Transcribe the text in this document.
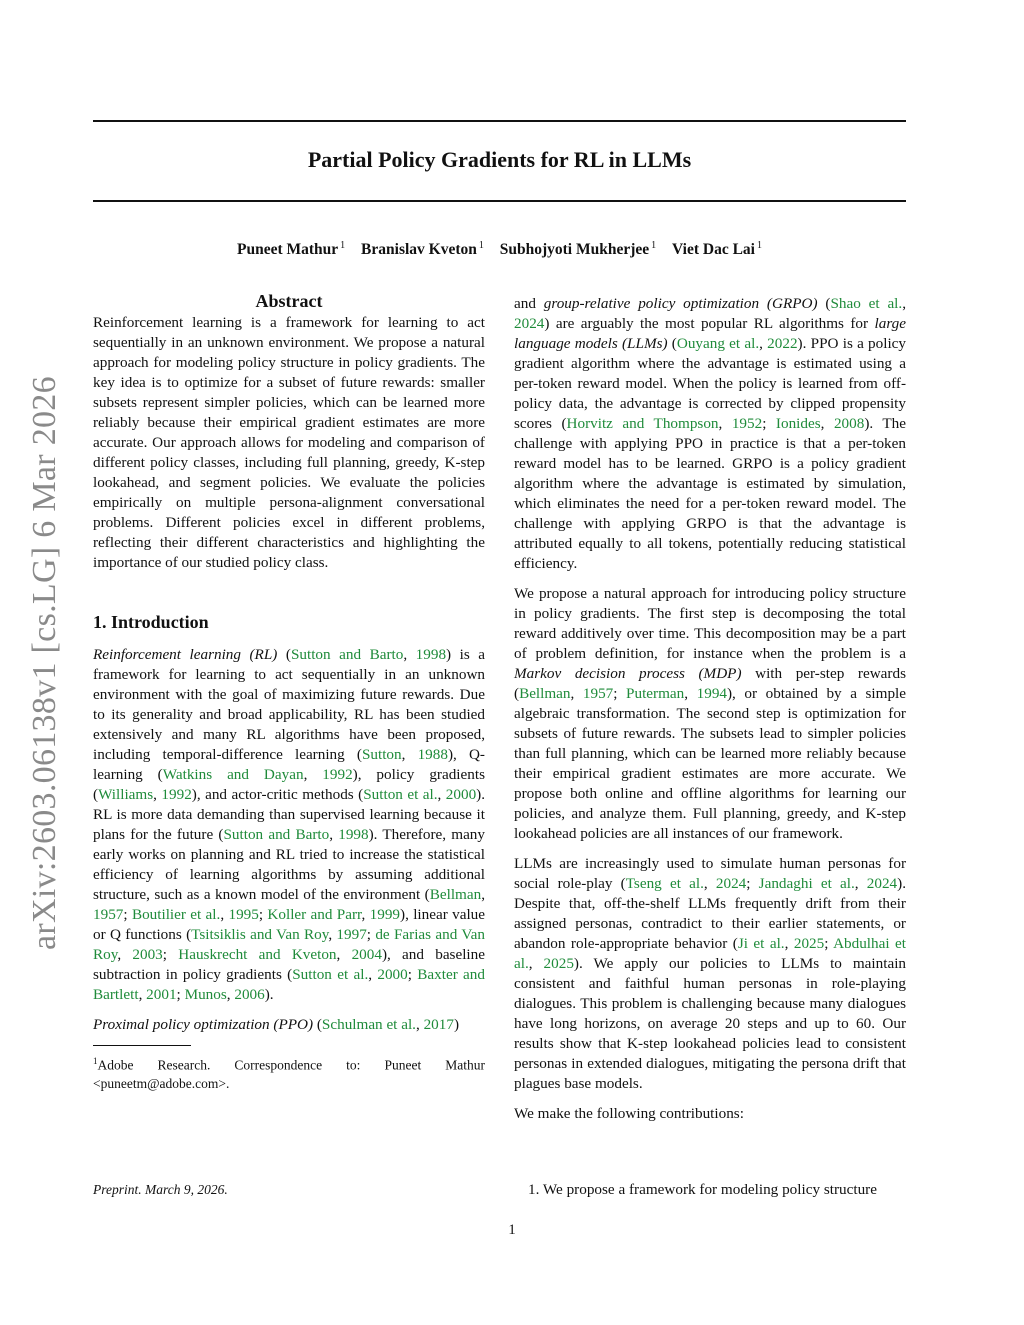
arXiv:2603.06138v1 [cs.LG] 6 Mar 2026
Partial Policy Gradients for RL in LLMs
Puneet Mathur $^1$ Branislav Kveton $^1$ Subhojyoti Mukherjee $^1$ Viet Dac Lai $^1$
Abstract

Reinforcement learning is a framework for learning to act sequentially in an unknown environment. We propose a natural approach for modeling policy structure in policy gradients. The key idea is to optimize for a subset of future rewards: smaller subsets represent simpler policies, which can be learned more reliably because their empirical gradient estimates are more accurate. Our approach allows for modeling and comparison of different policy classes, including full planning, greedy, K-step lookahead, and segment policies. We evaluate the policies empirically on multiple persona-alignment conversational problems. Different policies excel in different problems, reflecting their different characteristics and highlighting the importance of our studied policy class.

1. Introduction

Reinforcement learning (RL) (Sutton and Barto, 1998) is a framework for learning to act sequentially in an unknown environment with the goal of maximizing future rewards. Due to its generality and broad applicability, RL has been studied extensively and many RL algorithms have been proposed, including temporal-difference learning (Sutton, 1988), Q-learning (Watkins and Dayan, 1992), policy gradients (Williams, 1992), and actor-critic methods (Sutton et al., 2000). RL is more data demanding than supervised learning because it plans for the future (Sutton and Barto, 1998). Therefore, many early works on planning and RL tried to increase the statistical efficiency of learning algorithms by assuming additional structure, such as a known model of the environment (Bellman, 1957; Boutilier et al., 1995; Koller and Parr, 1999), linear value or Q functions (Tsitsiklis and Van Roy, 1997; de Farias and Van Roy, 2003; Hauskrecht and Kveton, 2004), and baseline subtraction in policy gradients (Sutton et al., 2000; Baxter and Bartlett, 2001; Munos, 2006).

Proximal policy optimization (PPO) (Schulman et al., 2017)

$^1$Adobe Research. Correspondence to: Puneet Mathur <puneetm@adobe.com>.

Preprint. March 9, 2026.

and group-relative policy optimization (GRPO) (Shao et al., 2024) are arguably the most popular RL algorithms for large language models (LLMs) (Ouyang et al., 2022). PPO is a policy gradient algorithm where the advantage is estimated using a per-token reward model. When the policy is learned from off-policy data, the advantage is corrected by clipped propensity scores (Horvitz and Thompson, 1952; Ionides, 2008). The challenge with applying PPO in practice is that a per-token reward model has to be learned. GRPO is a policy gradient algorithm where the advantage is estimated by simulation, which eliminates the need for a per-token reward model. The challenge with applying GRPO is that the advantage is attributed equally to all tokens, potentially reducing statistical efficiency.

We propose a natural approach for introducing policy structure in policy gradients. The first step is decomposing the total reward additively over time. This decomposition may be a part of problem definition, for instance when the problem is a Markov decision process (MDP) with per-step rewards (Bellman, 1957; Puterman, 1994), or obtained by a simple algebraic transformation. The second step is optimization for subsets of future rewards. The subsets lead to simpler policies than full planning, which can be learned more reliably because their empirical gradient estimates are more accurate. We propose both online and offline algorithms for learning our policies, and analyze them. Full planning, greedy, and K-step lookahead policies are all instances of our framework.

LLMs are increasingly used to simulate human personas for social role-play (Tseng et al., 2024; Jandaghi et al., 2024). Despite that, off-the-shelf LLMs frequently drift from their assigned personas, contradict to their earlier statements, or abandon role-appropriate behavior (Ji et al., 2025; Abdulhai et al., 2025). We apply our policies to LLMs to maintain consistent and faithful human personas in role-playing dialogues. This problem is challenging because many dialogues have long horizons, on average 20 steps and up to 60. Our results show that K-step lookahead policies lead to consistent personas in extended dialogues, mitigating the persona drift that plagues base models.

We make the following contributions:

1. We propose a framework for modeling policy structure
1
